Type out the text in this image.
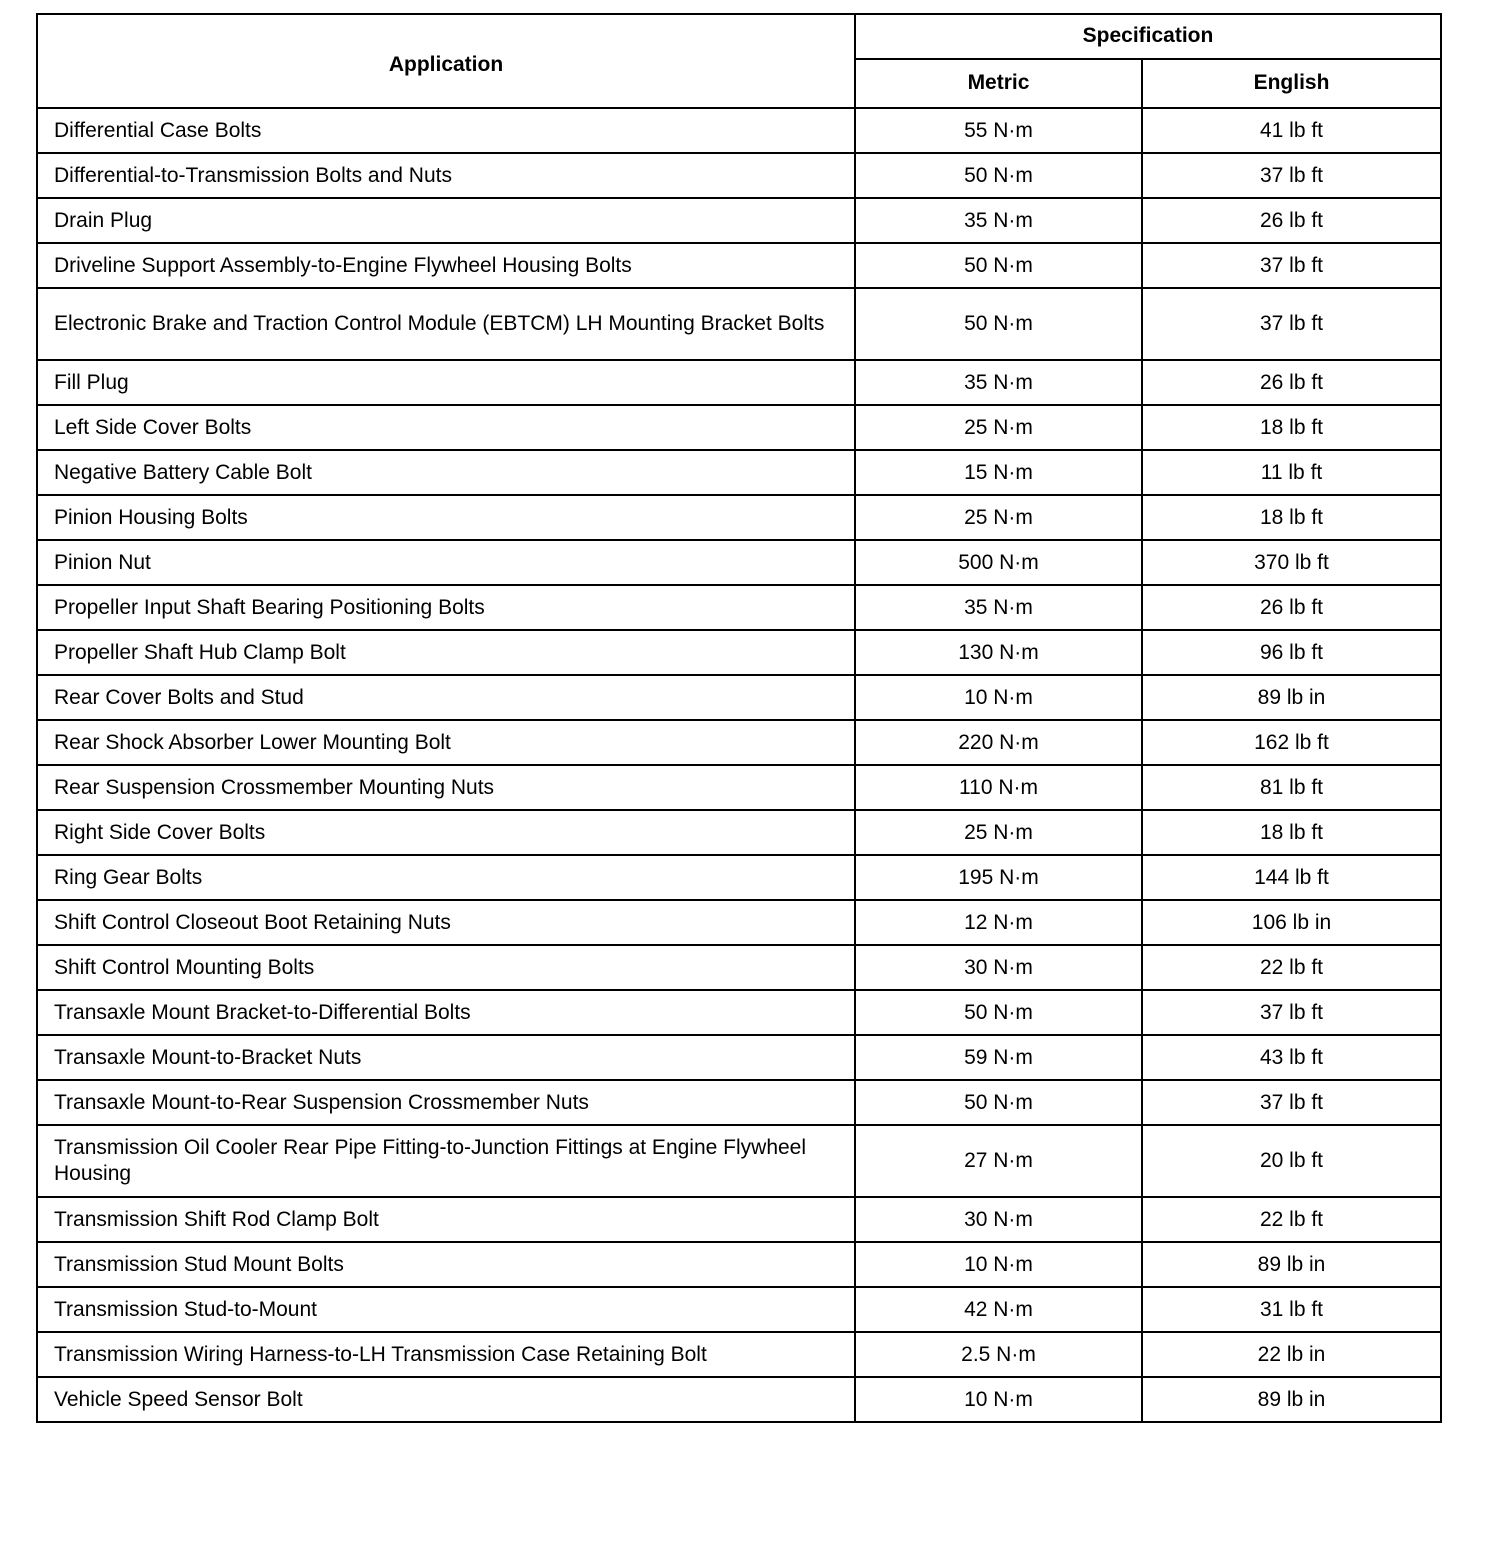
Application	Specification	
	Metric	English
Differential Case Bolts	55 N·m	41 lb ft
Differential-to-Transmission Bolts and Nuts	50 N·m	37 lb ft
Drain Plug	35 N·m	26 lb ft
Driveline Support Assembly-to-Engine Flywheel Housing Bolts	50 N·m	37 lb ft
Electronic Brake and Traction Control Module (EBTCM) LH Mounting Bracket Bolts	50 N·m	37 lb ft
Fill Plug	35 N·m	26 lb ft
Left Side Cover Bolts	25 N·m	18 lb ft
Negative Battery Cable Bolt	15 N·m	11 lb ft
Pinion Housing Bolts	25 N·m	18 lb ft
Pinion Nut	500 N·m	370 lb ft
Propeller Input Shaft Bearing Positioning Bolts	35 N·m	26 lb ft
Propeller Shaft Hub Clamp Bolt	130 N·m	96 lb ft
Rear Cover Bolts and Stud	10 N·m	89 lb in
Rear Shock Absorber Lower Mounting Bolt	220 N·m	162 lb ft
Rear Suspension Crossmember Mounting Nuts	110 N·m	81 lb ft
Right Side Cover Bolts	25 N·m	18 lb ft
Ring Gear Bolts	195 N·m	144 lb ft
Shift Control Closeout Boot Retaining Nuts	12 N·m	106 lb in
Shift Control Mounting Bolts	30 N·m	22 lb ft
Transaxle Mount Bracket-to-Differential Bolts	50 N·m	37 lb ft
Transaxle Mount-to-Bracket Nuts	59 N·m	43 lb ft
Transaxle Mount-to-Rear Suspension Crossmember Nuts	50 N·m	37 lb ft
Transmission Oil Cooler Rear Pipe Fitting-to-Junction Fittings at Engine Flywheel Housing	27 N·m	20 lb ft
Transmission Shift Rod Clamp Bolt	30 N·m	22 lb ft
Transmission Stud Mount Bolts	10 N·m	89 lb in
Transmission Stud-to-Mount	42 N·m	31 lb ft
Transmission Wiring Harness-to-LH Transmission Case Retaining Bolt	2.5 N·m	22 lb in
Vehicle Speed Sensor Bolt	10 N·m	89 lb in
